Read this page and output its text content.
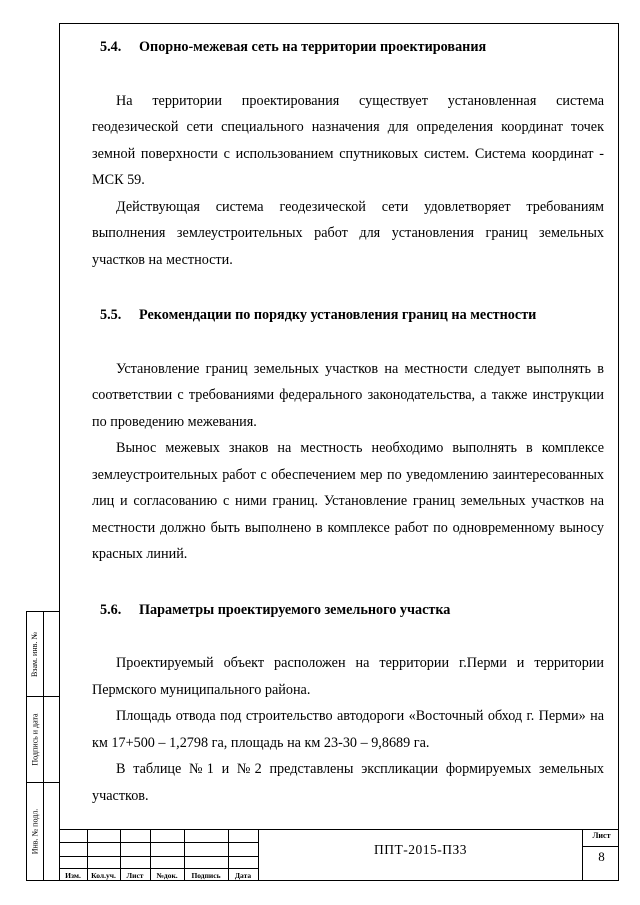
5.4. Опорно-межевая сеть на территории проектирования

На территории проектирования существует установленная система геодезической сети специального назначения для определения координат точек земной поверхности с использованием спутниковых систем. Система координат - МСК 59.

Действующая система геодезической сети удовлетворяет требованиям выполнения землеустроительных работ для установления границ земельных участков на местности.

5.5. Рекомендации по порядку установления границ на местности

Установление границ земельных участков на местности следует выполнять в соответствии с требованиями федерального законодательства, а также инструкции по проведению межевания.

Вынос межевых знаков на местность необходимо выполнять в комплексе землеустроительных работ с обеспечением мер по уведомлению заинтересованных лиц и согласованию с ними границ. Установление границ земельных участков на местности должно быть выполнено в комплексе работ по одновременному выносу красных линий.

5.6. Параметры проектируемого земельного участка

Проектируемый объект расположен на территории г.Перми и территории Пермского муниципального района.

Площадь отвода под строительство автодороги «Восточный обход г. Перми» на км 17+500 – 1,2798 га, площадь на км 23-30 – 9,8689 га.

В таблице №1 и №2 представлены экспликации формируемых земельных участков.

Взам. инв. №
Подпись и дата
Инв. № подл.
Изм.	Кол.уч.	Лист	№док.	Подпись	Дата
ППТ-2015-ПЗ3
Лист
8
